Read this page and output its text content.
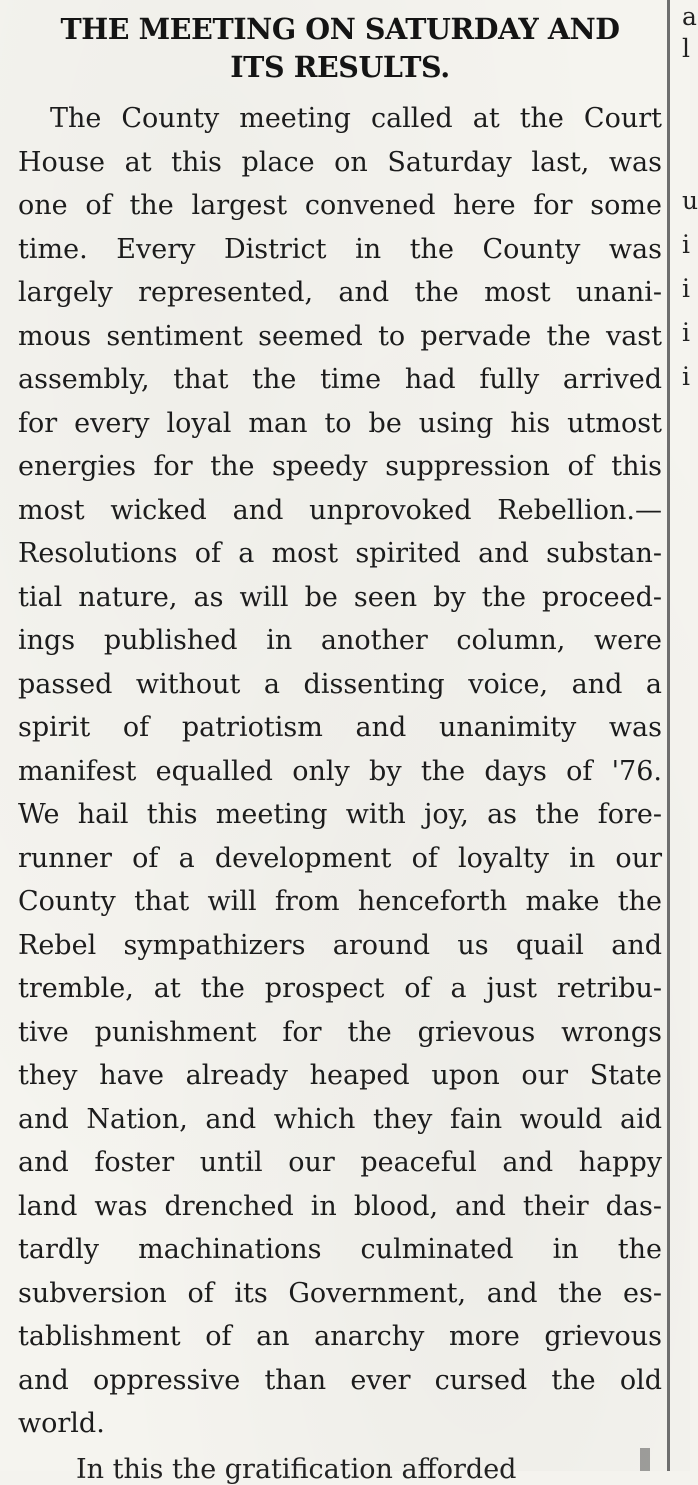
THE MEETING ON SATURDAY AND
ITS RESULTS.
The County meeting called at the Court
House at this place on Saturday last, was
one of the largest convened here for some
time. Every District in the County was
largely represented, and the most unani-
mous sentiment seemed to pervade the vast
assembly, that the time had fully arrived
for every loyal man to be using his utmost
energies for the speedy suppression of this
most wicked and unprovoked Rebellion.—
Resolutions of a most spirited and substan-
tial nature, as will be seen by the proceed-
ings published in another column, were
passed without a dissenting voice, and a
spirit of patriotism and unanimity was
manifest equalled only by the days of '76.
We hail this meeting with joy, as the fore-
runner of a development of loyalty in our
County that will from henceforth make the
Rebel sympathizers around us quail and
tremble, at the prospect of a just retribu-
tive punishment for the grievous wrongs
they have already heaped upon our State
and Nation, and which they fain would aid
and foster until our peaceful and happy
land was drenched in blood, and their das-
tardly machinations culminated in the
subversion of its Government, and the es-
tablishment of an anarchy more grievous
and oppressive than ever cursed the old
world.
In this the gratification afforded
a
l
u
i
i
i
i
